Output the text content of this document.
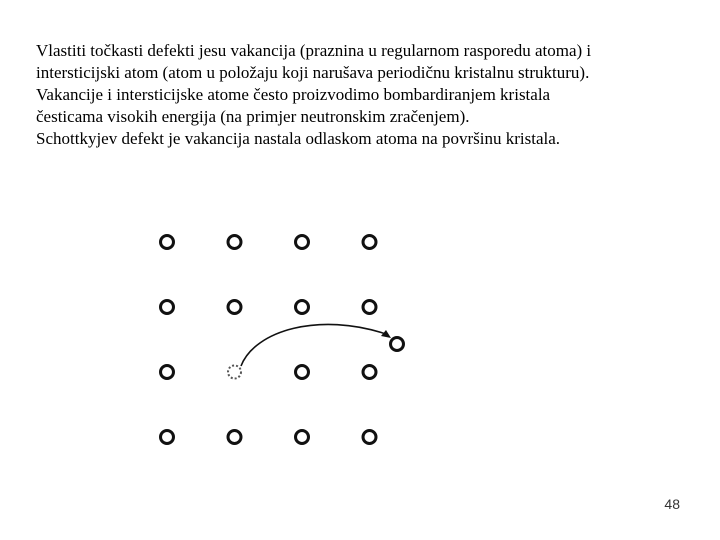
Vlastiti točkasti defekti jesu vakancija (praznina u regularnom rasporedu atoma) i
intersticijski atom (atom u položaju koji narušava periodičnu kristalnu strukturu).
Vakancije i intersticijske atome često proizvodimo bombardiranjem kristala
česticama visokih energija (na primjer neutronskim zračenjem).
Schottkyjev defekt je vakancija nastala odlaskom atoma na površinu kristala.
48
